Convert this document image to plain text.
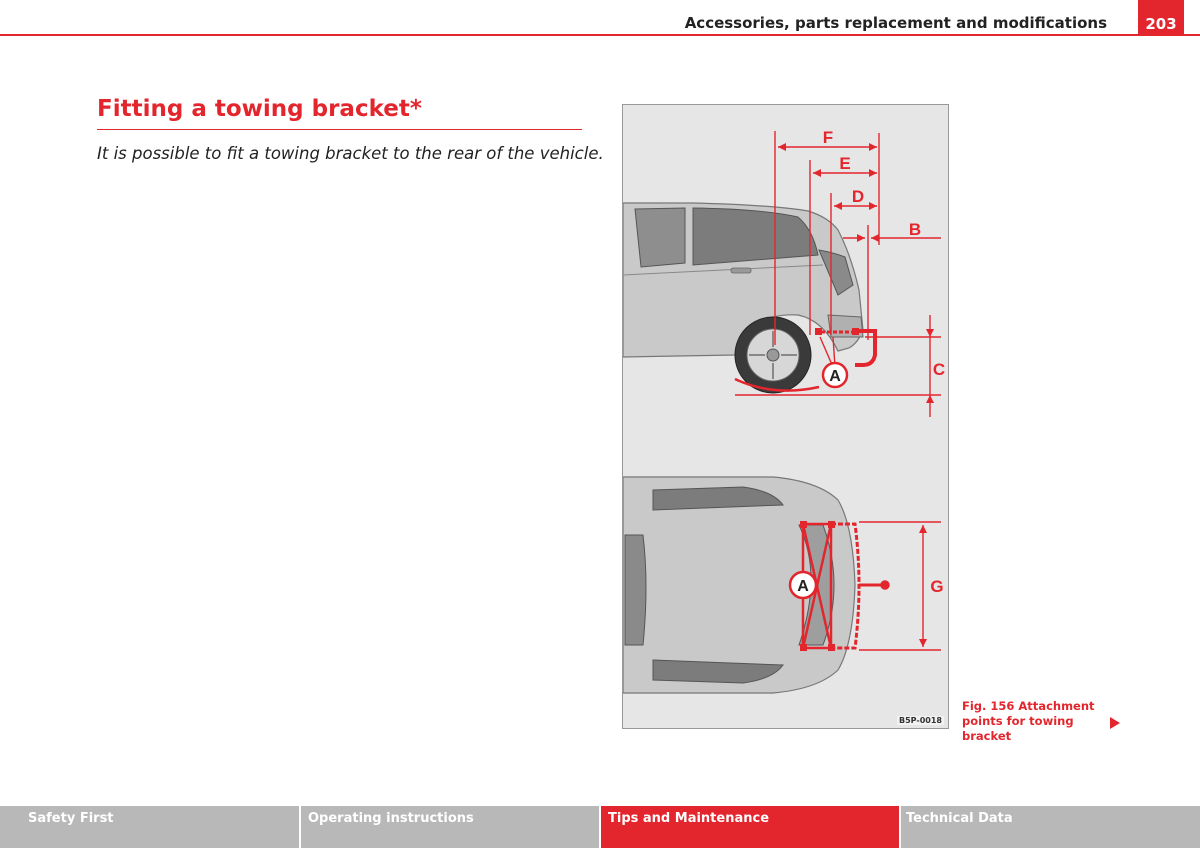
Accessories, parts replacement and modifications	203
Fitting a towing bracket*
It is possible to fit a towing bracket to the rear of the vehicle.
F
E
D
B
C
G
A
A
B5P-0018
Fig. 156 Attachment
points for towing bracket
Safety First	Operating instructions	Tips and Maintenance	Technical Data
